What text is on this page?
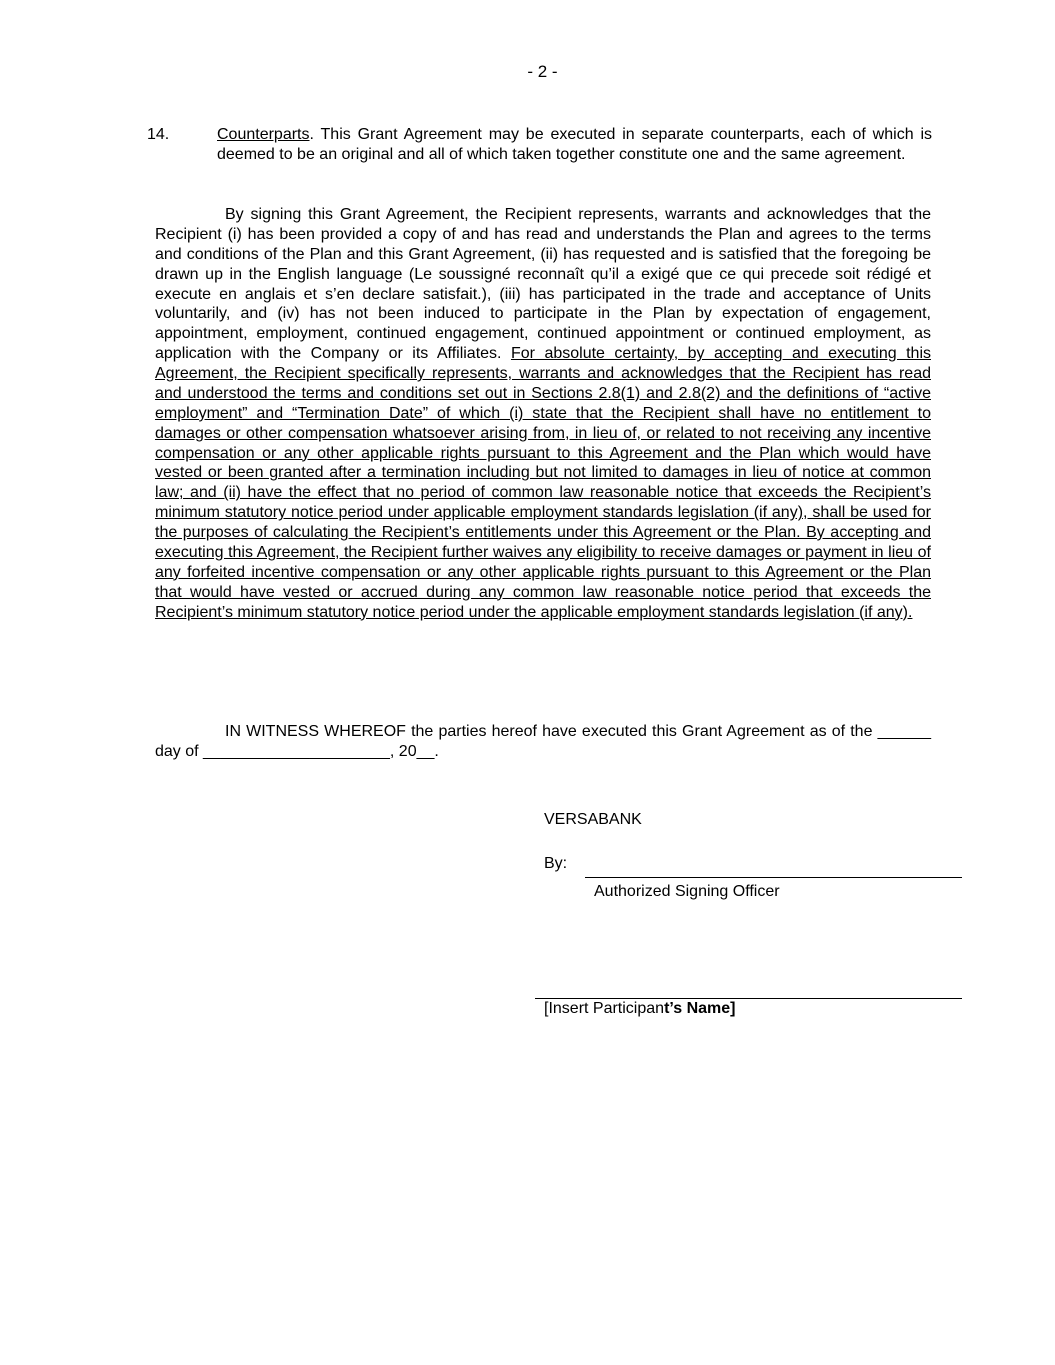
- 2 -
14.	Counterparts. This Grant Agreement may be executed in separate counterparts, each of which is deemed to be an original and all of which taken together constitute one and the same agreement.
By signing this Grant Agreement, the Recipient represents, warrants and acknowledges that the Recipient (i) has been provided a copy of and has read and understands the Plan and agrees to the terms and conditions of the Plan and this Grant Agreement, (ii) has requested and is satisfied that the foregoing be drawn up in the English language (Le soussigné reconnaît qu’il a exigé que ce qui precede soit rédigé et execute en anglais et s’en declare satisfait.), (iii) has participated in the trade and acceptance of Units voluntarily, and (iv) has not been induced to participate in the Plan by expectation of engagement, appointment, employment, continued engagement, continued appointment or continued employment, as application with the Company or its Affiliates. For absolute certainty, by accepting and executing this Agreement, the Recipient specifically represents, warrants and acknowledges that the Recipient has read and understood the terms and conditions set out in Sections 2.8(1) and 2.8(2) and the definitions of “active employment” and “Termination Date” of which (i) state that the Recipient shall have no entitlement to damages or other compensation whatsoever arising from, in lieu of, or related to not receiving any incentive compensation or any other applicable rights pursuant to this Agreement and the Plan which would have vested or been granted after a termination including but not limited to damages in lieu of notice at common law; and (ii) have the effect that no period of common law reasonable notice that exceeds the Recipient’s minimum statutory notice period under applicable employment standards legislation (if any), shall be used for the purposes of calculating the Recipient’s entitlements under this Agreement or the Plan. By accepting and executing this Agreement, the Recipient further waives any eligibility to receive damages or payment in lieu of any forfeited incentive compensation or any other applicable rights pursuant to this Agreement or the Plan that would have vested or accrued during any common law reasonable notice period that exceeds the Recipient’s minimum statutory notice period under the applicable employment standards legislation (if any).
IN WITNESS WHEREOF the parties hereof have executed this Grant Agreement as of the ______ day of _____________________, 20__.
VERSABANK
By:
Authorized Signing Officer
[Insert Participant’s Name]
